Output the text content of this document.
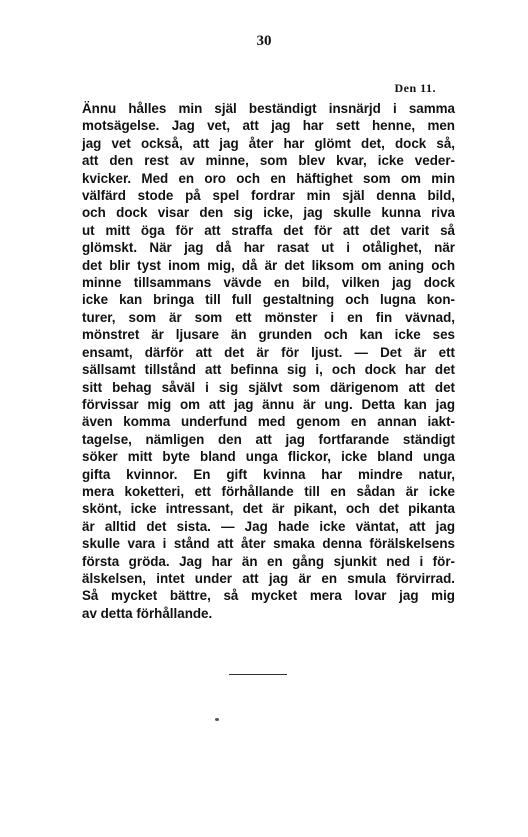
30
Den 11.

Ännu hålles min själ beständigt insnärjd i samma
motsägelse. Jag vet, att jag har sett henne, men
jag vet också, att jag åter har glömt det, dock så,
att den rest av minne, som blev kvar, icke veder-
kvicker. Med en oro och en häftighet som om min
välfärd stode på spel fordrar min själ denna bild,
och dock visar den sig icke, jag skulle kunna riva
ut mitt öga för att straffa det för att det varit så
glömskt. När jag då har rasat ut i otålighet, när
det blir tyst inom mig, då är det liksom om aning och
minne tillsammans vävde en bild, vilken jag dock
icke kan bringa till full gestaltning och lugna kon-
turer, som är som ett mönster i en fin vävnad,
mönstret är ljusare än grunden och kan icke ses
ensamt, därför att det är för ljust. — Det är ett
sällsamt tillstånd att befinna sig i, och dock har det
sitt behag såväl i sig självt som därigenom att det
förvissar mig om att jag ännu är ung. Detta kan jag
även komma underfund med genom en annan iakt-
tagelse, nämligen den att jag fortfarande ständigt
söker mitt byte bland unga flickor, icke bland unga
gifta kvinnor. En gift kvinna har mindre natur,
mera koketteri, ett förhållande till en sådan är icke
skönt, icke intressant, det är pikant, och det pikanta
är alltid det sista. — Jag hade icke väntat, att jag
skulle vara i stånd att åter smaka denna förälskelsens
första gröda. Jag har än en gång sjunkit ned i för-
älskelsen, intet under att jag är en smula förvirrad.
Så mycket bättre, så mycket mera lovar jag mig
av detta förhållande.
